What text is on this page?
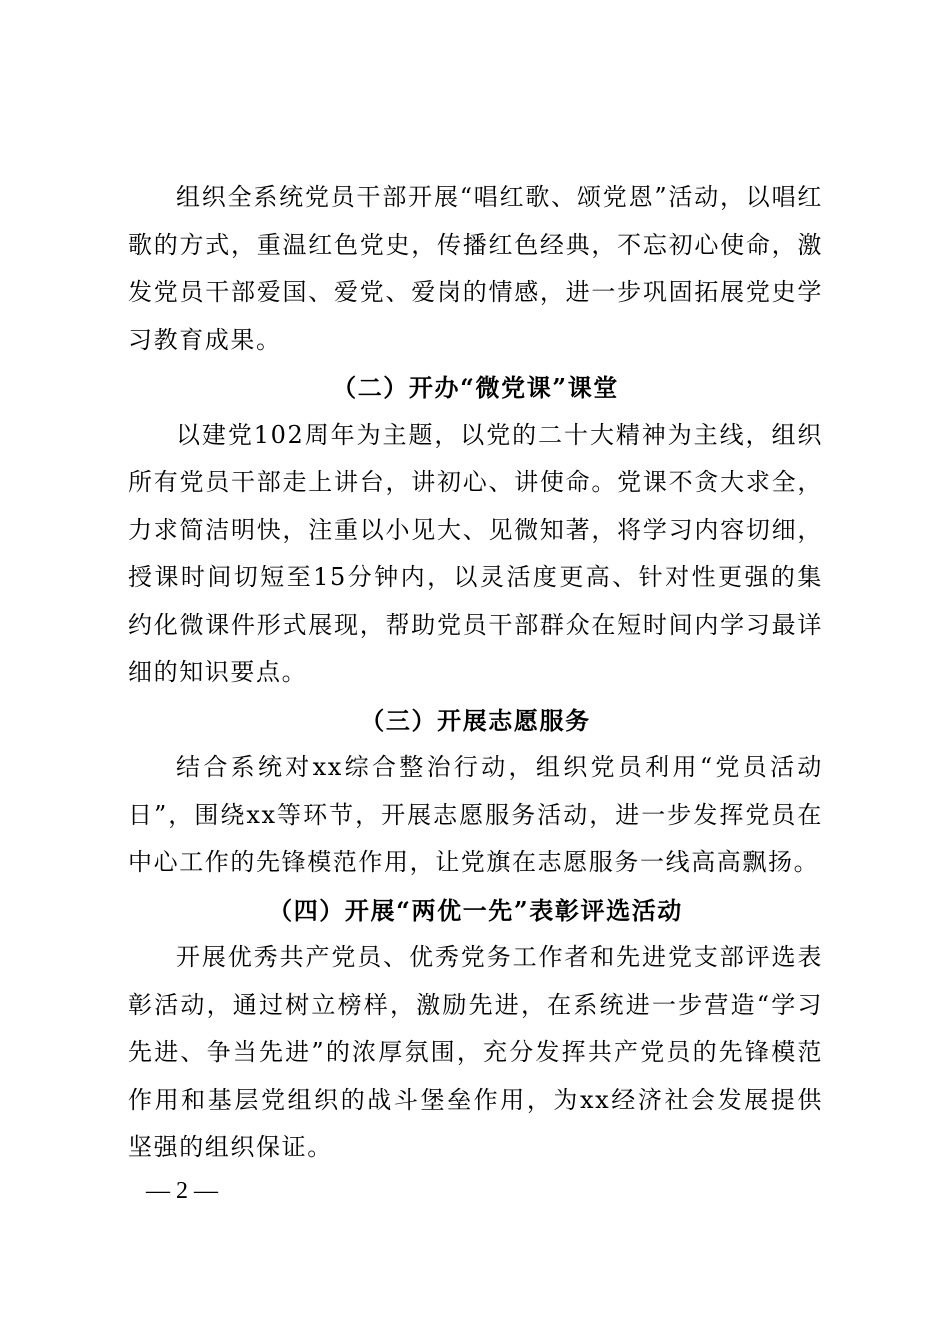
组织全系统党员干部开展“唱红歌、颂党恩”活动，以唱红歌的方式，重温红色党史，传播红色经典，不忘初心使命，激发党员干部爱国、爱党、爱岗的情感，进一步巩固拓展党史学习教育成果。

（二）开办“微党课”课堂

以建党102周年为主题，以党的二十大精神为主线，组织所有党员干部走上讲台，讲初心、讲使命。党课不贪大求全，力求简洁明快，注重以小见大、见微知著，将学习内容切细，授课时间切短至15分钟内，以灵活度更高、针对性更强的集约化微课件形式展现，帮助党员干部群众在短时间内学习最详细的知识要点。

（三）开展志愿服务

结合系统对xx综合整治行动，组织党员利用“党员活动日”，围绕xx等环节，开展志愿服务活动，进一步发挥党员在中心工作的先锋模范作用，让党旗在志愿服务一线高高飘扬。

（四）开展“两优一先”表彰评选活动

开展优秀共产党员、优秀党务工作者和先进党支部评选表彰活动，通过树立榜样，激励先进，在系统进一步营造“学习先进、争当先进”的浓厚氛围，充分发挥共产党员的先锋模范作用和基层党组织的战斗堡垒作用，为xx经济社会发展提供坚强的组织保证。

— 2 —
